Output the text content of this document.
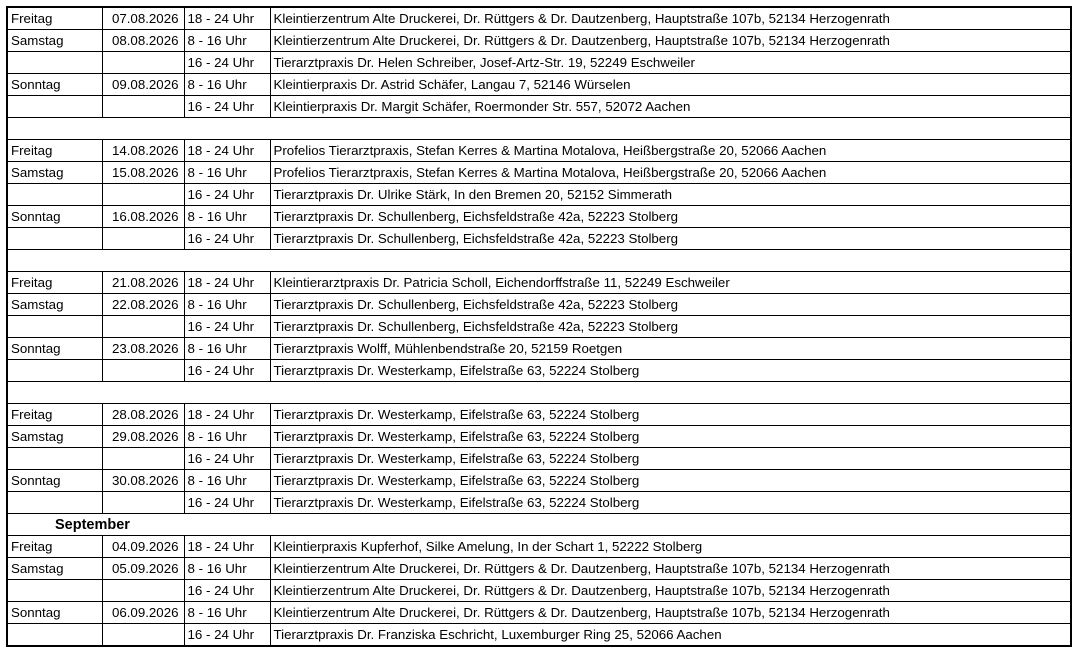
Freitag	07.08.2026	18 - 24 Uhr	Kleintierzentrum Alte Druckerei, Dr. Rüttgers & Dr. Dautzenberg, Hauptstraße 107b, 52134 Herzogenrath
Samstag	08.08.2026	8 - 16 Uhr	Kleintierzentrum Alte Druckerei, Dr. Rüttgers & Dr. Dautzenberg, Hauptstraße 107b, 52134 Herzogenrath
		16 - 24 Uhr	Tierarztpraxis Dr. Helen Schreiber, Josef-Artz-Str. 19, 52249 Eschweiler
Sonntag	09.08.2026	8 - 16 Uhr	Kleintierpraxis Dr. Astrid Schäfer, Langau 7, 52146 Würselen
		16 - 24 Uhr	Kleintierpraxis Dr. Margit Schäfer, Roermonder Str. 557, 52072 Aachen

Freitag	14.08.2026	18 - 24 Uhr	Profelios Tierarztpraxis, Stefan Kerres & Martina Motalova, Heißbergstraße 20, 52066 Aachen
Samstag	15.08.2026	8 - 16 Uhr	Profelios Tierarztpraxis, Stefan Kerres & Martina Motalova, Heißbergstraße 20, 52066 Aachen
		16 - 24 Uhr	Tierarztpraxis Dr. Ulrike Stärk, In den Bremen 20, 52152 Simmerath
Sonntag	16.08.2026	8 - 16 Uhr	Tierarztpraxis Dr. Schullenberg, Eichsfeldstraße 42a, 52223 Stolberg
		16 - 24 Uhr	Tierarztpraxis Dr. Schullenberg, Eichsfeldstraße 42a, 52223 Stolberg

Freitag	21.08.2026	18 - 24 Uhr	Kleintierarztpraxis Dr. Patricia Scholl, Eichendorffstraße 11, 52249 Eschweiler
Samstag	22.08.2026	8 - 16 Uhr	Tierarztpraxis Dr. Schullenberg, Eichsfeldstraße 42a, 52223 Stolberg
		16 - 24 Uhr	Tierarztpraxis Dr. Schullenberg, Eichsfeldstraße 42a, 52223 Stolberg
Sonntag	23.08.2026	8 - 16 Uhr	Tierarztpraxis Wolff, Mühlenbendstraße 20, 52159 Roetgen
		16 - 24 Uhr	Tierarztpraxis Dr. Westerkamp, Eifelstraße 63, 52224 Stolberg

Freitag	28.08.2026	18 - 24 Uhr	Tierarztpraxis Dr. Westerkamp, Eifelstraße 63, 52224 Stolberg
Samstag	29.08.2026	8 - 16 Uhr	Tierarztpraxis Dr. Westerkamp, Eifelstraße 63, 52224 Stolberg
		16 - 24 Uhr	Tierarztpraxis Dr. Westerkamp, Eifelstraße 63, 52224 Stolberg
Sonntag	30.08.2026	8 - 16 Uhr	Tierarztpraxis Dr. Westerkamp, Eifelstraße 63, 52224 Stolberg
		16 - 24 Uhr	Tierarztpraxis Dr. Westerkamp, Eifelstraße 63, 52224 Stolberg
September			
Freitag	04.09.2026	18 - 24 Uhr	Kleintierpraxis Kupferhof, Silke Amelung, In der Schart 1, 52222 Stolberg
Samstag	05.09.2026	8 - 16 Uhr	Kleintierzentrum Alte Druckerei, Dr. Rüttgers & Dr. Dautzenberg, Hauptstraße 107b, 52134 Herzogenrath
		16 - 24 Uhr	Kleintierzentrum Alte Druckerei, Dr. Rüttgers & Dr. Dautzenberg, Hauptstraße 107b, 52134 Herzogenrath
Sonntag	06.09.2026	8 - 16 Uhr	Kleintierzentrum Alte Druckerei, Dr. Rüttgers & Dr. Dautzenberg, Hauptstraße 107b, 52134 Herzogenrath
		16 - 24 Uhr	Tierarztpraxis Dr. Franziska Eschricht, Luxemburger Ring 25, 52066 Aachen
